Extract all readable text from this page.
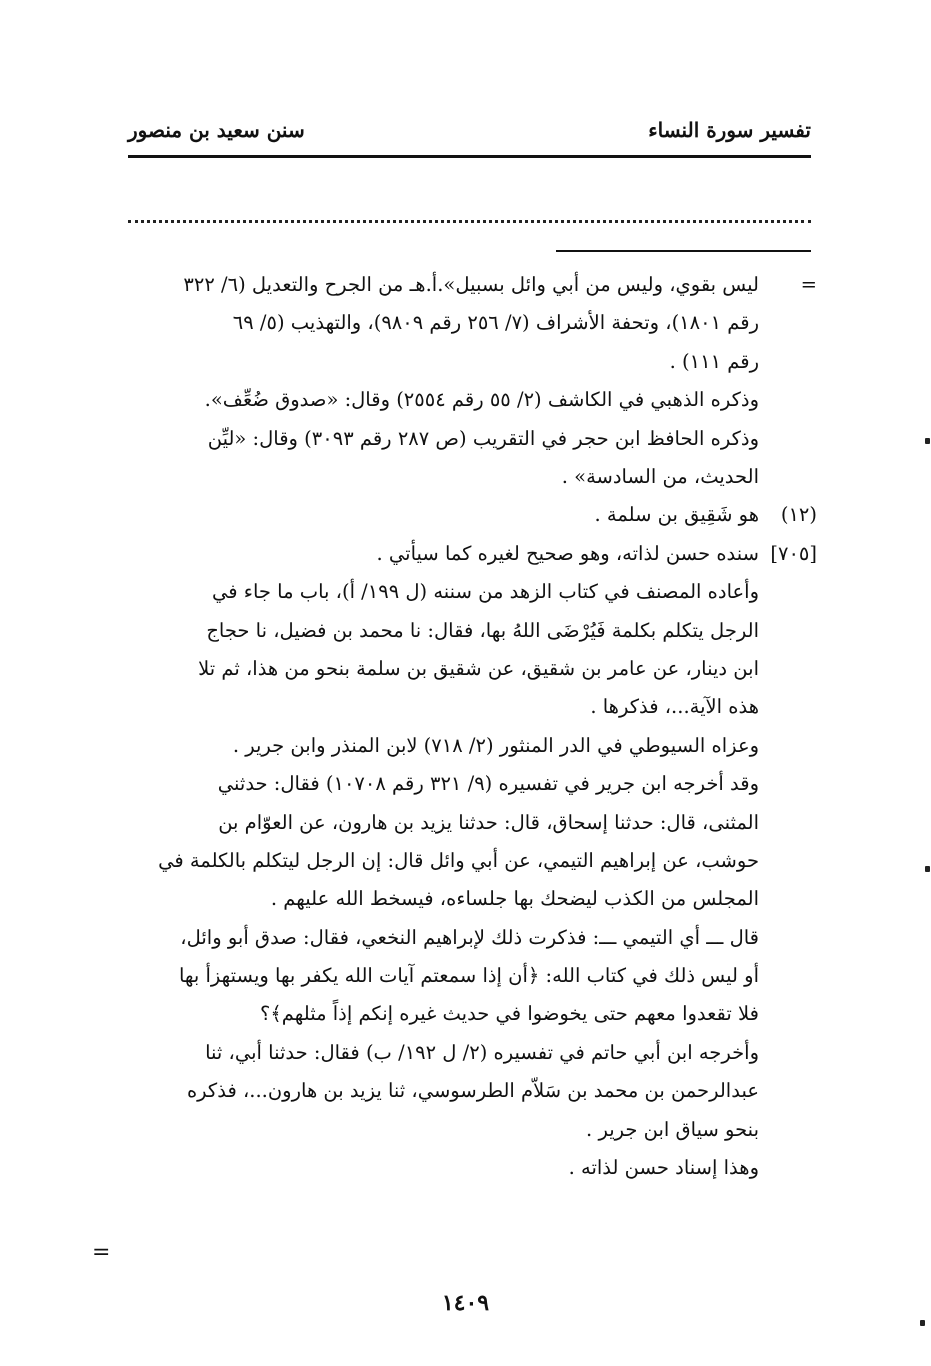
تفسير سورة النساء
سنن سعيد بن منصور
=
ليس بقوي، وليس من أبي وائل بسبيل».أ.هـ من الجرح والتعديل (٦/ ٣٢٢
رقم ١٨٠١)، وتحفة الأشراف (٧/ ٢٥٦ رقم ٩٨٠٩)، والتهذيب (٥/ ٦٩
رقم ١١١) .
وذكره الذهبي في الكاشف (٢/ ٥٥ رقم ٢٥٥٤) وقال: «صدوق ضُعِّف».
وذكره الحافظ ابن حجر في التقريب (ص ٢٨٧ رقم ٣٠٩٣) وقال: «ليِّن
الحديث، من السادسة» .
(١٢)
هو شَقِيق بن سلمة .
[٧٠٥]
سنده حسن لذاته، وهو صحيح لغيره كما سيأتي .
وأعاده المصنف في كتاب الزهد من سننه (ل ١٩٩/ أ)، باب ما جاء في
الرجل يتكلم بكلمة فَيُرْضَى اللهُ بها، فقال: نا محمد بن فضيل، نا حجاج
ابن دينار، عن عامر بن شقيق، عن شقيق بن سلمة بنحو من هذا، ثم تلا
هذه الآية...، فذكرها .
وعزاه السيوطي في الدر المنثور (٢/ ٧١٨) لابن المنذر وابن جرير .
وقد أخرجه ابن جرير في تفسيره (٩/ ٣٢١ رقم ١٠٧٠٨) فقال: حدثني
المثنى، قال: حدثنا إسحاق، قال: حدثنا يزيد بن هارون، عن العوّام بن
حوشب، عن إبراهيم التيمي، عن أبي وائل قال: إن الرجل ليتكلم بالكلمة في
المجلس من الكذب ليضحك بها جلساءه، فيسخط الله عليهم .
قال ـــ أي التيمي ـــ: فذكرت ذلك لإبراهيم النخعي، فقال: صدق أبو وائل،
أو ليس ذلك في كتاب الله: ﴿أن إذا سمعتم آيات الله يكفر بها ويستهزأ بها
فلا تقعدوا معهم حتى يخوضوا في حديث غيره إنكم إذاً مثلهم﴾؟
وأخرجه ابن أبي حاتم في تفسيره (٢/ ل ١٩٢/ ب) فقال: حدثنا أبي، ثنا
عبدالرحمن بن محمد بن سَلاّم الطرسوسي، ثنا يزيد بن هارون...، فذكره
بنحو سياق ابن جرير .
وهذا إسناد حسن لذاته .
=
١٤٠٩
